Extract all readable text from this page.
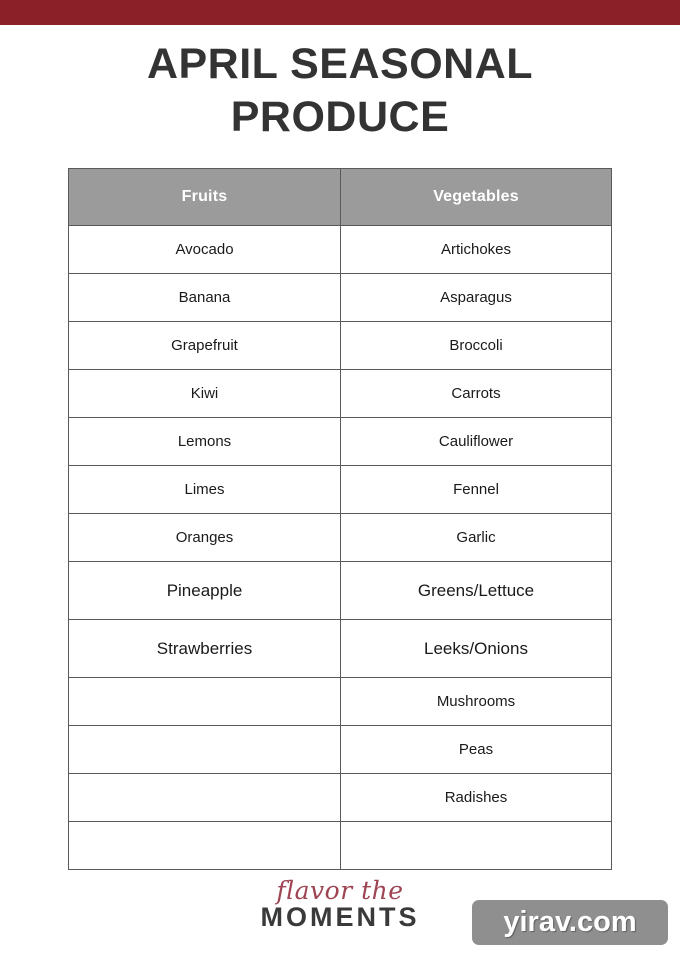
APRIL SEASONAL
PRODUCE
Fruits	Vegetables
Avocado	Artichokes
Banana	Asparagus
Grapefruit	Broccoli
Kiwi	Carrots
Lemons	Cauliflower
Limes	Fennel
Oranges	Garlic
Pineapple	Greens/Lettuce
Strawberries	Leeks/Onions
	Mushrooms
	Peas
	Radishes

flavor the
MOMENTS	yirav.com
